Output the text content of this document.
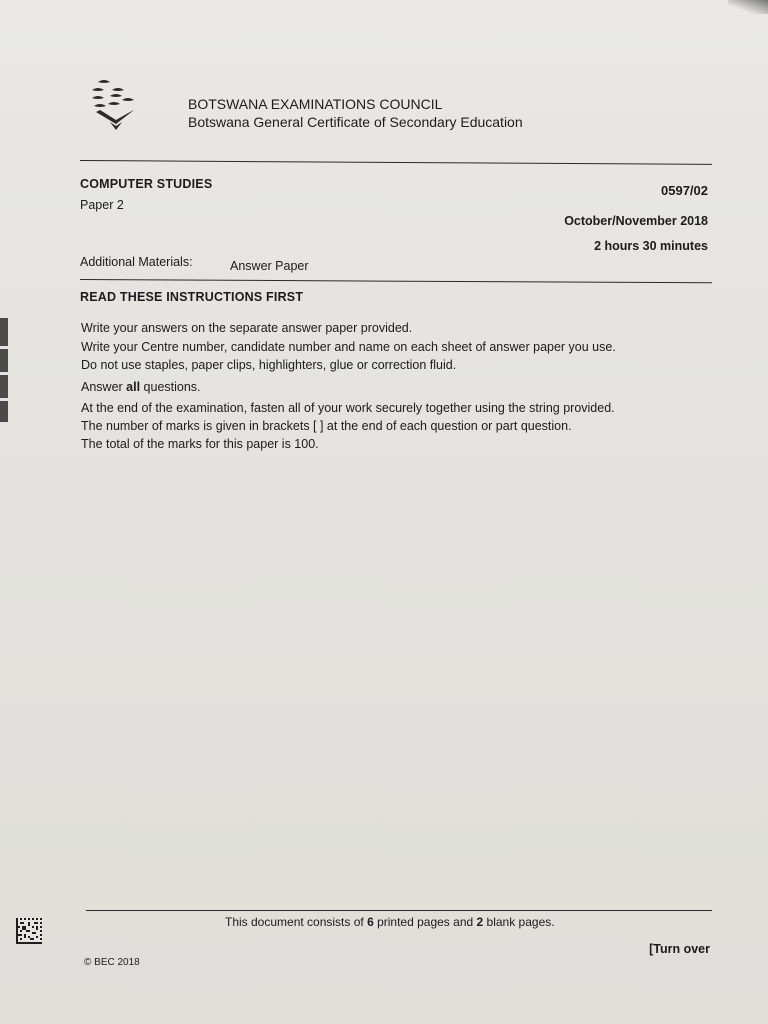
BOTSWANA EXAMINATIONS COUNCIL
Botswana General Certificate of Secondary Education
COMPUTER STUDIES
Paper 2
0597/02
October/November 2018
2 hours 30 minutes
Additional Materials:	Answer Paper
READ THESE INSTRUCTIONS FIRST
Write your answers on the separate answer paper provided.
Write your Centre number, candidate number and name on each sheet of answer paper you use.
Do not use staples, paper clips, highlighters, glue or correction fluid.
Answer all questions.
At the end of the examination, fasten all of your work securely together using the string provided.
The number of marks is given in brackets [ ] at the end of each question or part question.
The total of the marks for this paper is 100.
This document consists of 6 printed pages and 2 blank pages.
[Turn over
© BEC 2018
